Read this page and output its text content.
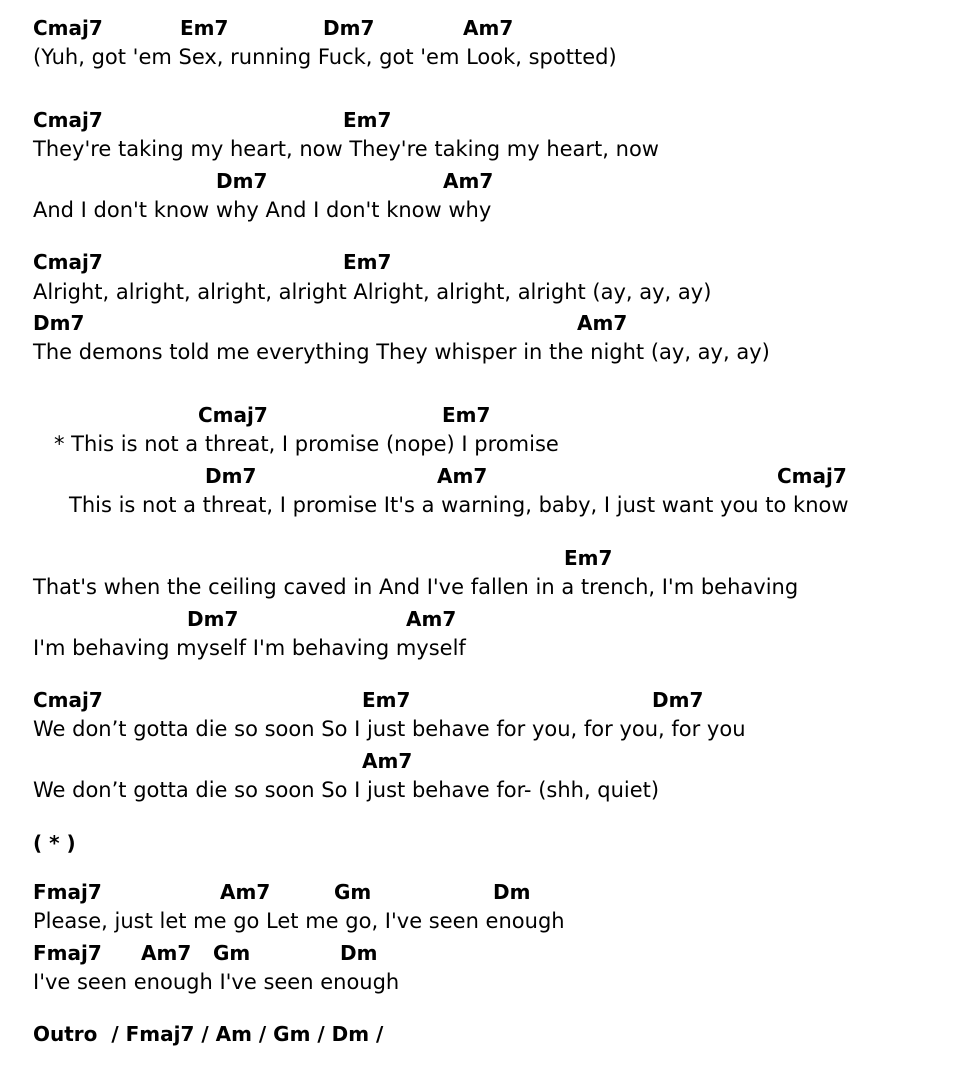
Cmaj7	Em7	Dm7	Am7
(Yuh, got 'em Sex, running Fuck, got 'em Look, spotted)
Cmaj7	Em7
They're taking my heart, now They're taking my heart, now
Dm7	Am7
And I don't know why And I don't know why
Cmaj7	Em7
Alright, alright, alright, alright Alright, alright, alright (ay, ay, ay)
Dm7	Am7
The demons told me everything They whisper in the night (ay, ay, ay)
Cmaj7	Em7
* This is not a threat, I promise (nope) I promise
Dm7	Am7	Cmaj7
This is not a threat, I promise It's a warning, baby, I just want you to know
Em7
That's when the ceiling caved in And I've fallen in a trench, I'm behaving
Dm7	Am7
I'm behaving myself I'm behaving myself
Cmaj7	Em7	Dm7
We don’t gotta die so soon So I just behave for you, for you, for you
Am7
We don’t gotta die so soon So I just behave for- (shh, quiet)
( * )
Fmaj7	Am7	Gm	Dm
Please, just let me go Let me go, I've seen enough
Fmaj7 Am7 Gm	Dm
I've seen enough I've seen enough
Outro  / Fmaj7 / Am / Gm / Dm /
